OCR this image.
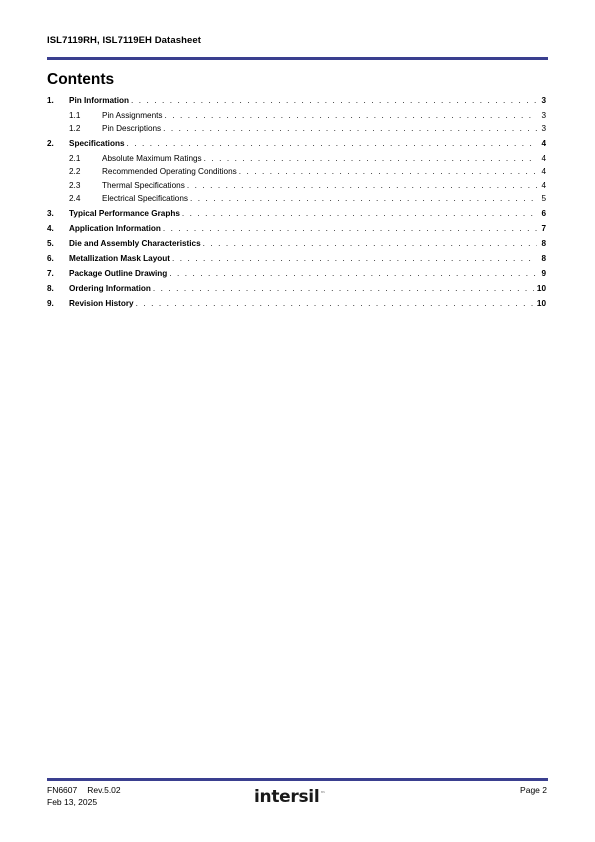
ISL7119RH, ISL7119EH Datasheet
Contents
1.	Pin Information . . .	3
1.1	Pin Assignments . . .	3
1.2	Pin Descriptions . . .	3
2.	Specifications . . .	4
2.1	Absolute Maximum Ratings . . .	4
2.2	Recommended Operating Conditions . . .	4
2.3	Thermal Specifications . . .	4
2.4	Electrical Specifications . . .	5
3.	Typical Performance Graphs . . .	6
4.	Application Information . . .	7
5.	Die and Assembly Characteristics . . .	8
6.	Metallization Mask Layout . . .	8
7.	Package Outline Drawing . . .	9
8.	Ordering Information . . .	10
9.	Revision History . . .	10
FN6607 Rev.5.02
Feb 13, 2025	intersil™	Page 2
